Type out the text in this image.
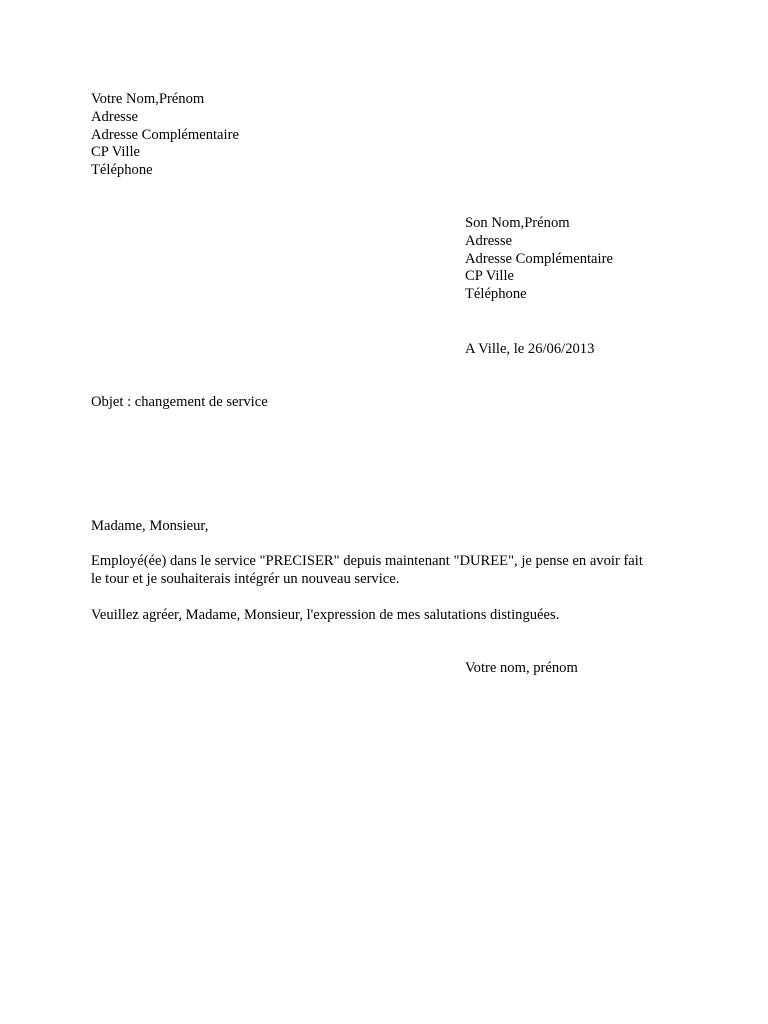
Votre Nom,Prénom
Adresse
Adresse Complémentaire
CP Ville
Téléphone
Son Nom,Prénom
Adresse
Adresse Complémentaire
CP Ville
Téléphone
A Ville, le 26/06/2013
Objet : changement de service
Madame, Monsieur,
Employé(ée) dans le service "PRECISER" depuis maintenant "DUREE", je pense en avoir fait
le tour et je souhaiterais intégrér un nouveau service.
Veuillez agréer, Madame, Monsieur, l'expression de mes salutations distinguées.
Votre nom, prénom
